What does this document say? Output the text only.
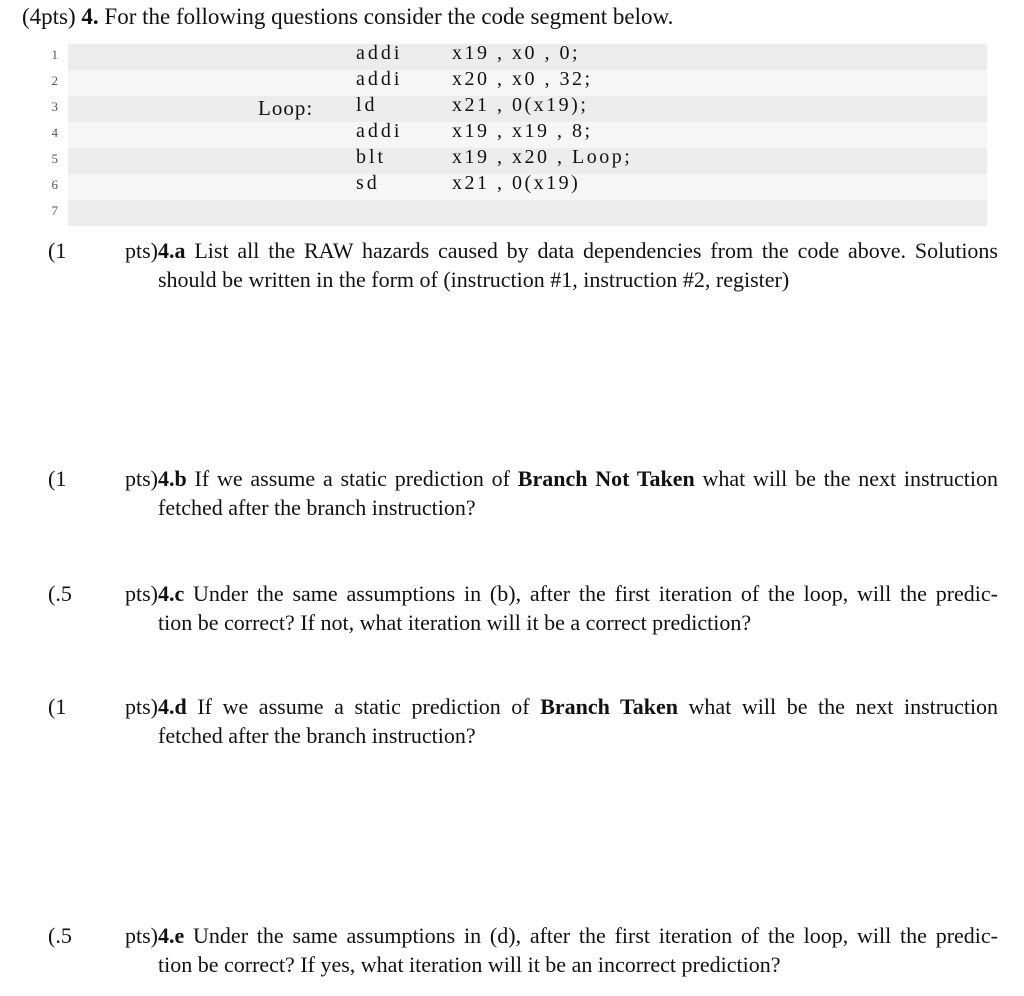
(4pts) 4. For the following questions consider the code segment below.
1	addi x19 , x0 , 0;
2	addi x20 , x0 , 32;
3	Loop: ld	x21 , 0(x19);
4	addi x19 , x19 , 8;
5	blt	x19 , x20 , Loop;
6	sd	x21 , 0(x19)
7
(1 pts)4.a List all the RAW hazards caused by data dependencies from the code above. Solutions
should be written in the form of (instruction #1, instruction #2, register)
(1 pts)4.b If we assume a static prediction of Branch Not Taken what will be the next instruction
fetched after the branch instruction?
(.5 pts)4.c Under the same assumptions in (b), after the first iteration of the loop, will the predic-
tion be correct? If not, what iteration will it be a correct prediction?
(1 pts)4.d If we assume a static prediction of Branch Taken what will be the next instruction
fetched after the branch instruction?
(.5 pts)4.e Under the same assumptions in (d), after the first iteration of the loop, will the predic-
tion be correct? If yes, what iteration will it be an incorrect prediction?
